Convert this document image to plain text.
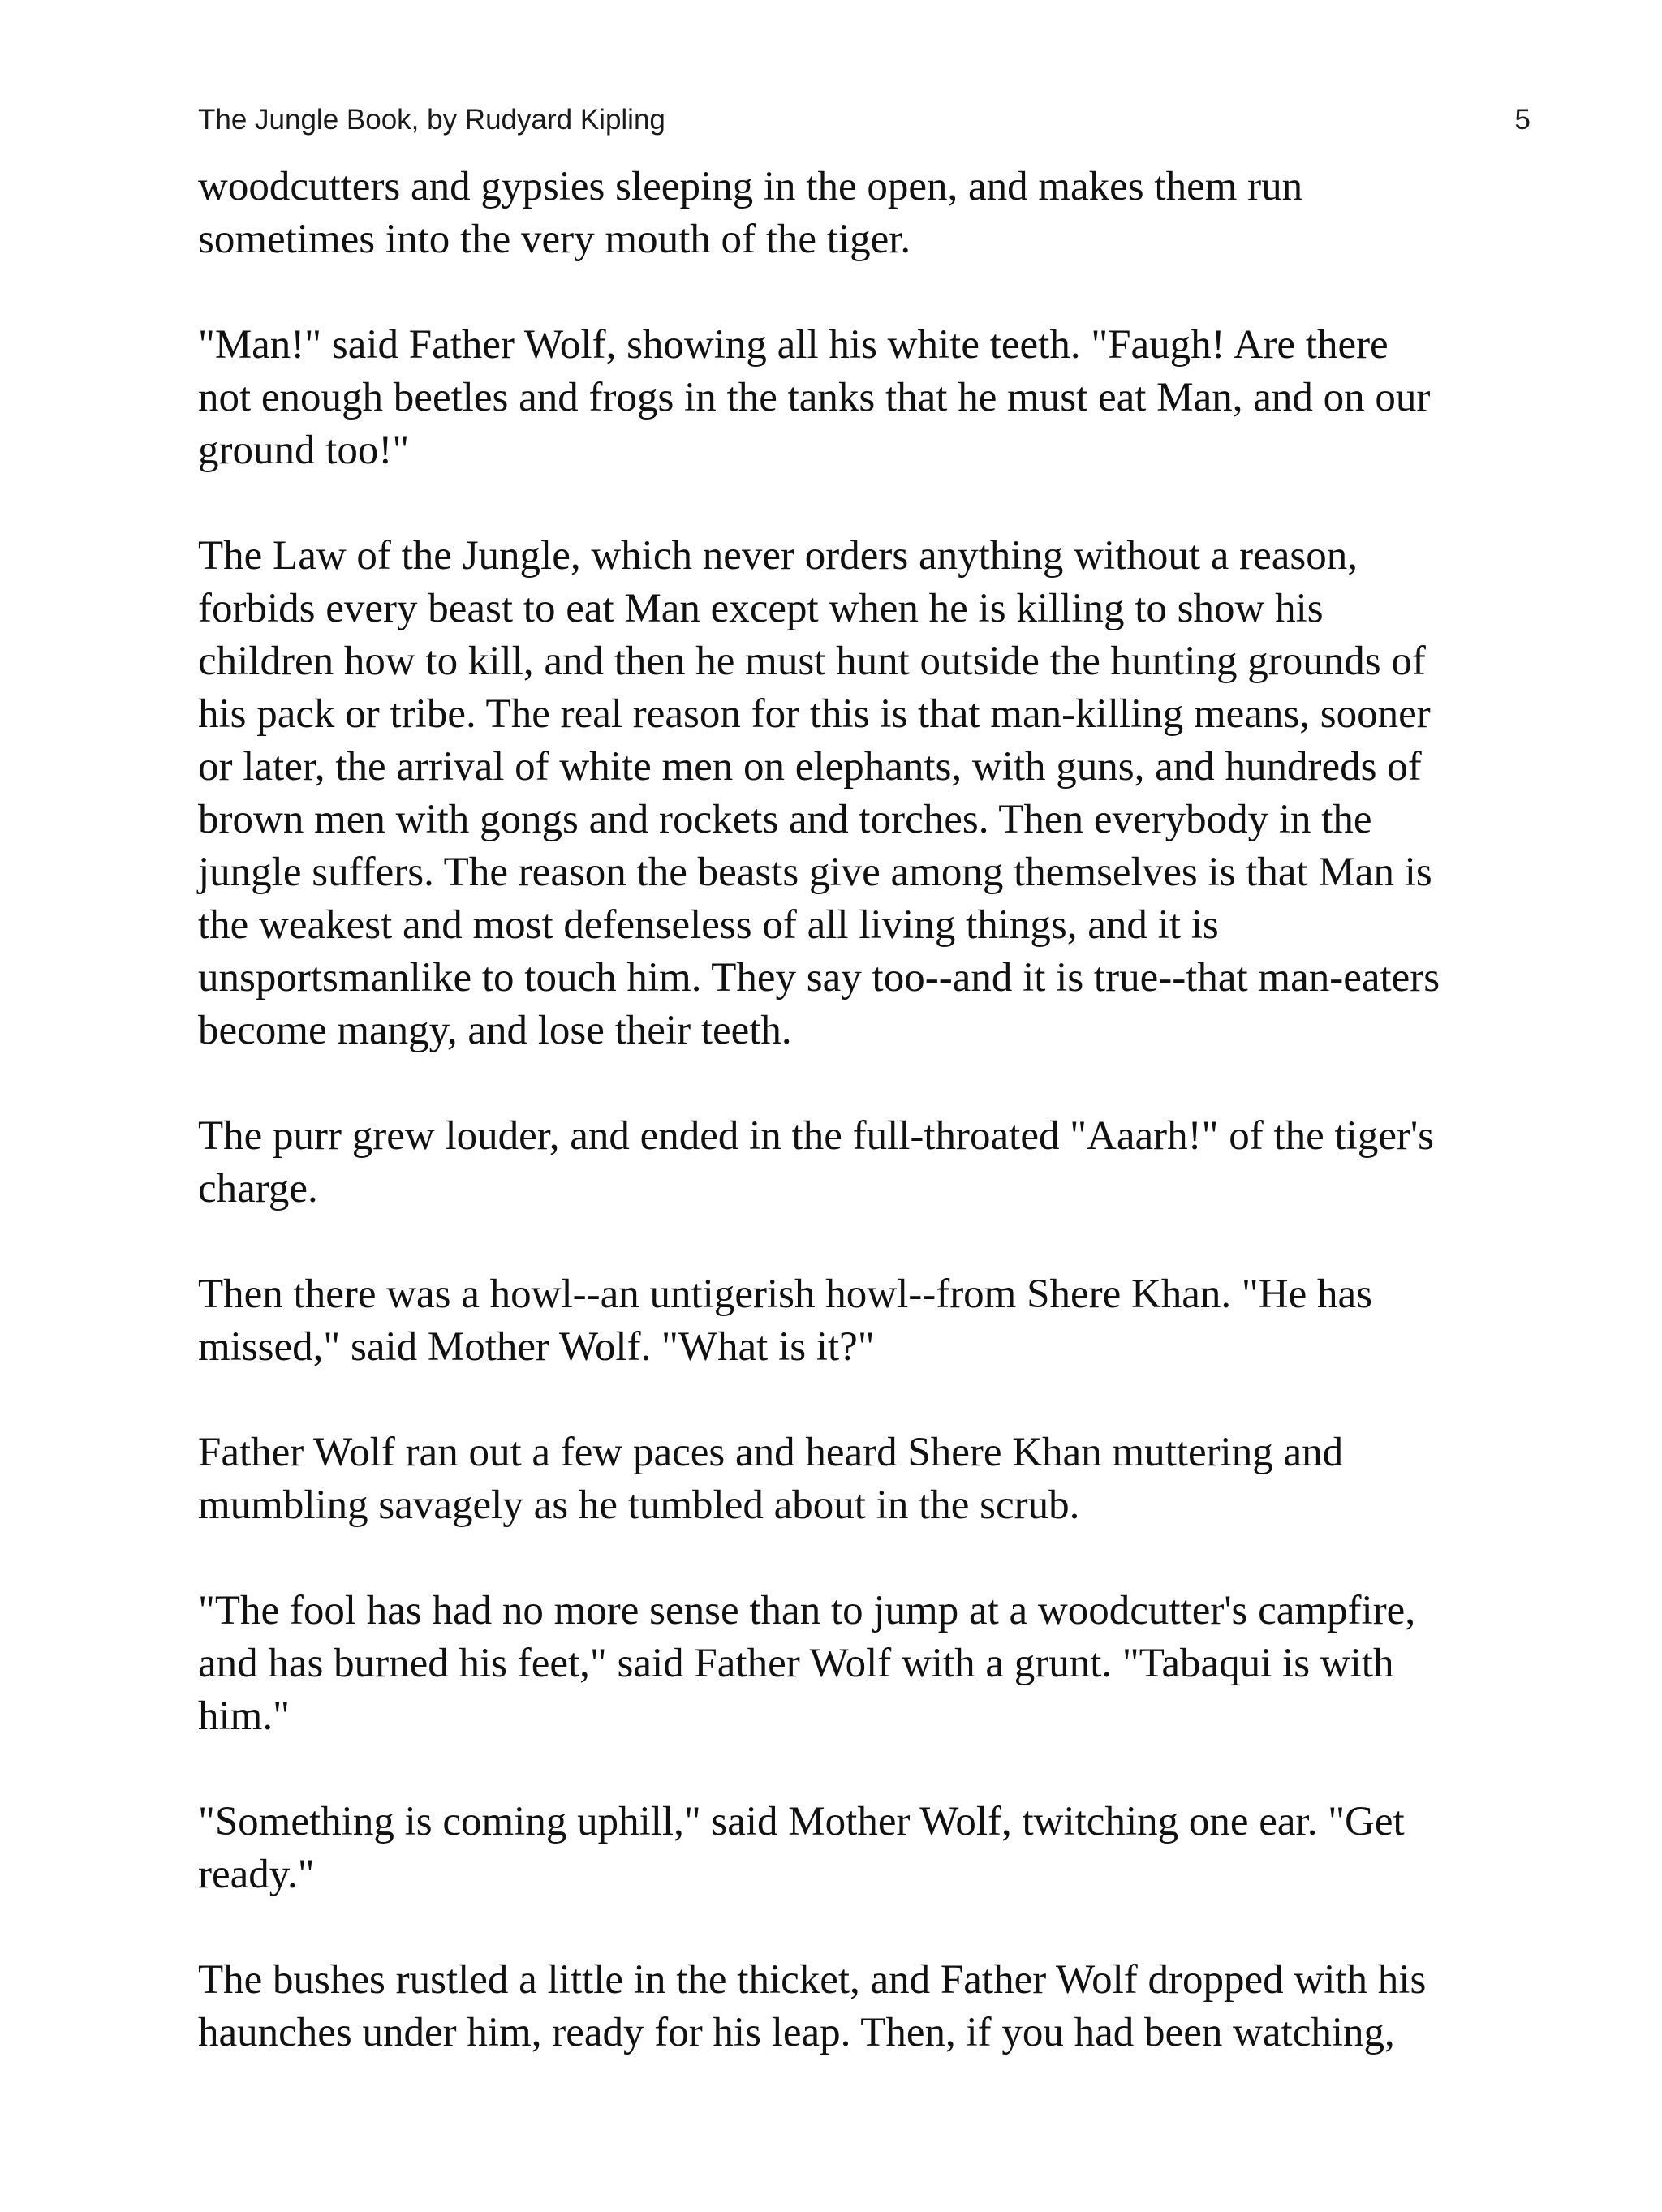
The Jungle Book, by Rudyard Kipling	5

woodcutters and gypsies sleeping in the open, and makes them run
sometimes into the very mouth of the tiger.

"Man!" said Father Wolf, showing all his white teeth. "Faugh! Are there
not enough beetles and frogs in the tanks that he must eat Man, and on our
ground too!"

The Law of the Jungle, which never orders anything without a reason,
forbids every beast to eat Man except when he is killing to show his
children how to kill, and then he must hunt outside the hunting grounds of
his pack or tribe. The real reason for this is that man-killing means, sooner
or later, the arrival of white men on elephants, with guns, and hundreds of
brown men with gongs and rockets and torches. Then everybody in the
jungle suffers. The reason the beasts give among themselves is that Man is
the weakest and most defenseless of all living things, and it is
unsportsmanlike to touch him. They say too--and it is true--that man-eaters
become mangy, and lose their teeth.

The purr grew louder, and ended in the full-throated "Aaarh!" of the tiger's
charge.

Then there was a howl--an untigerish howl--from Shere Khan. "He has
missed," said Mother Wolf. "What is it?"

Father Wolf ran out a few paces and heard Shere Khan muttering and
mumbling savagely as he tumbled about in the scrub.

"The fool has had no more sense than to jump at a woodcutter's campfire,
and has burned his feet," said Father Wolf with a grunt. "Tabaqui is with
him."

"Something is coming uphill," said Mother Wolf, twitching one ear. "Get
ready."

The bushes rustled a little in the thicket, and Father Wolf dropped with his
haunches under him, ready for his leap. Then, if you had been watching,
